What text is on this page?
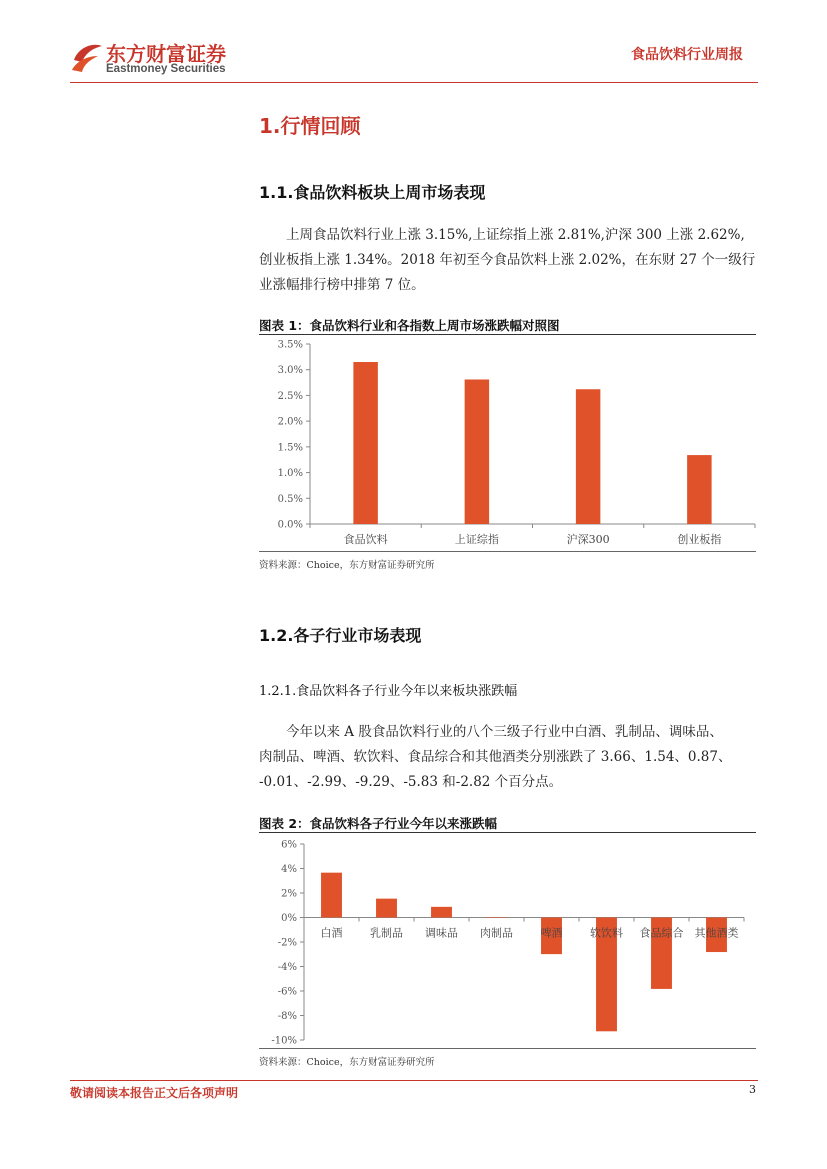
东方财富证券
Eastmoney Securities
食品饮料行业周报
1.行情回顾
1.1.食品饮料板块上周市场表现
上周食品饮料行业上涨 3.15%,上证综指上涨 2.81%,沪深 300 上涨 2.62%,
创业板指上涨 1.34%。2018 年初至今食品饮料上涨 2.02%，在东财 27 个一级行
业涨幅排行榜中排第 7 位。
图表 1：食品饮料行业和各指数上周市场涨跌幅对照图
0.0%
0.5%
1.0%
1.5%
2.0%
2.5%
3.0%
3.5%
食品饮料	上证综指	沪深300	创业板指
资料来源：Choice，东方财富证券研究所
1.2.各子行业市场表现
1.2.1.食品饮料各子行业今年以来板块涨跌幅
今年以来 A 股食品饮料行业的八个三级子行业中白酒、乳制品、调味品、
肉制品、啤酒、软饮料、食品综合和其他酒类分别涨跌了 3.66、1.54、0.87、
-0.01、-2.99、-9.29、-5.83 和-2.82 个百分点。
图表 2：食品饮料各子行业今年以来涨跌幅
-10%
-8%
-6%
-4%
-2%
0%
2%
4%
6%
白酒	乳制品 调味品 肉制品	啤酒	软饮料 食品综合 其他酒类
资料来源：Choice，东方财富证券研究所
敬请阅读本报告正文后各项声明	3
